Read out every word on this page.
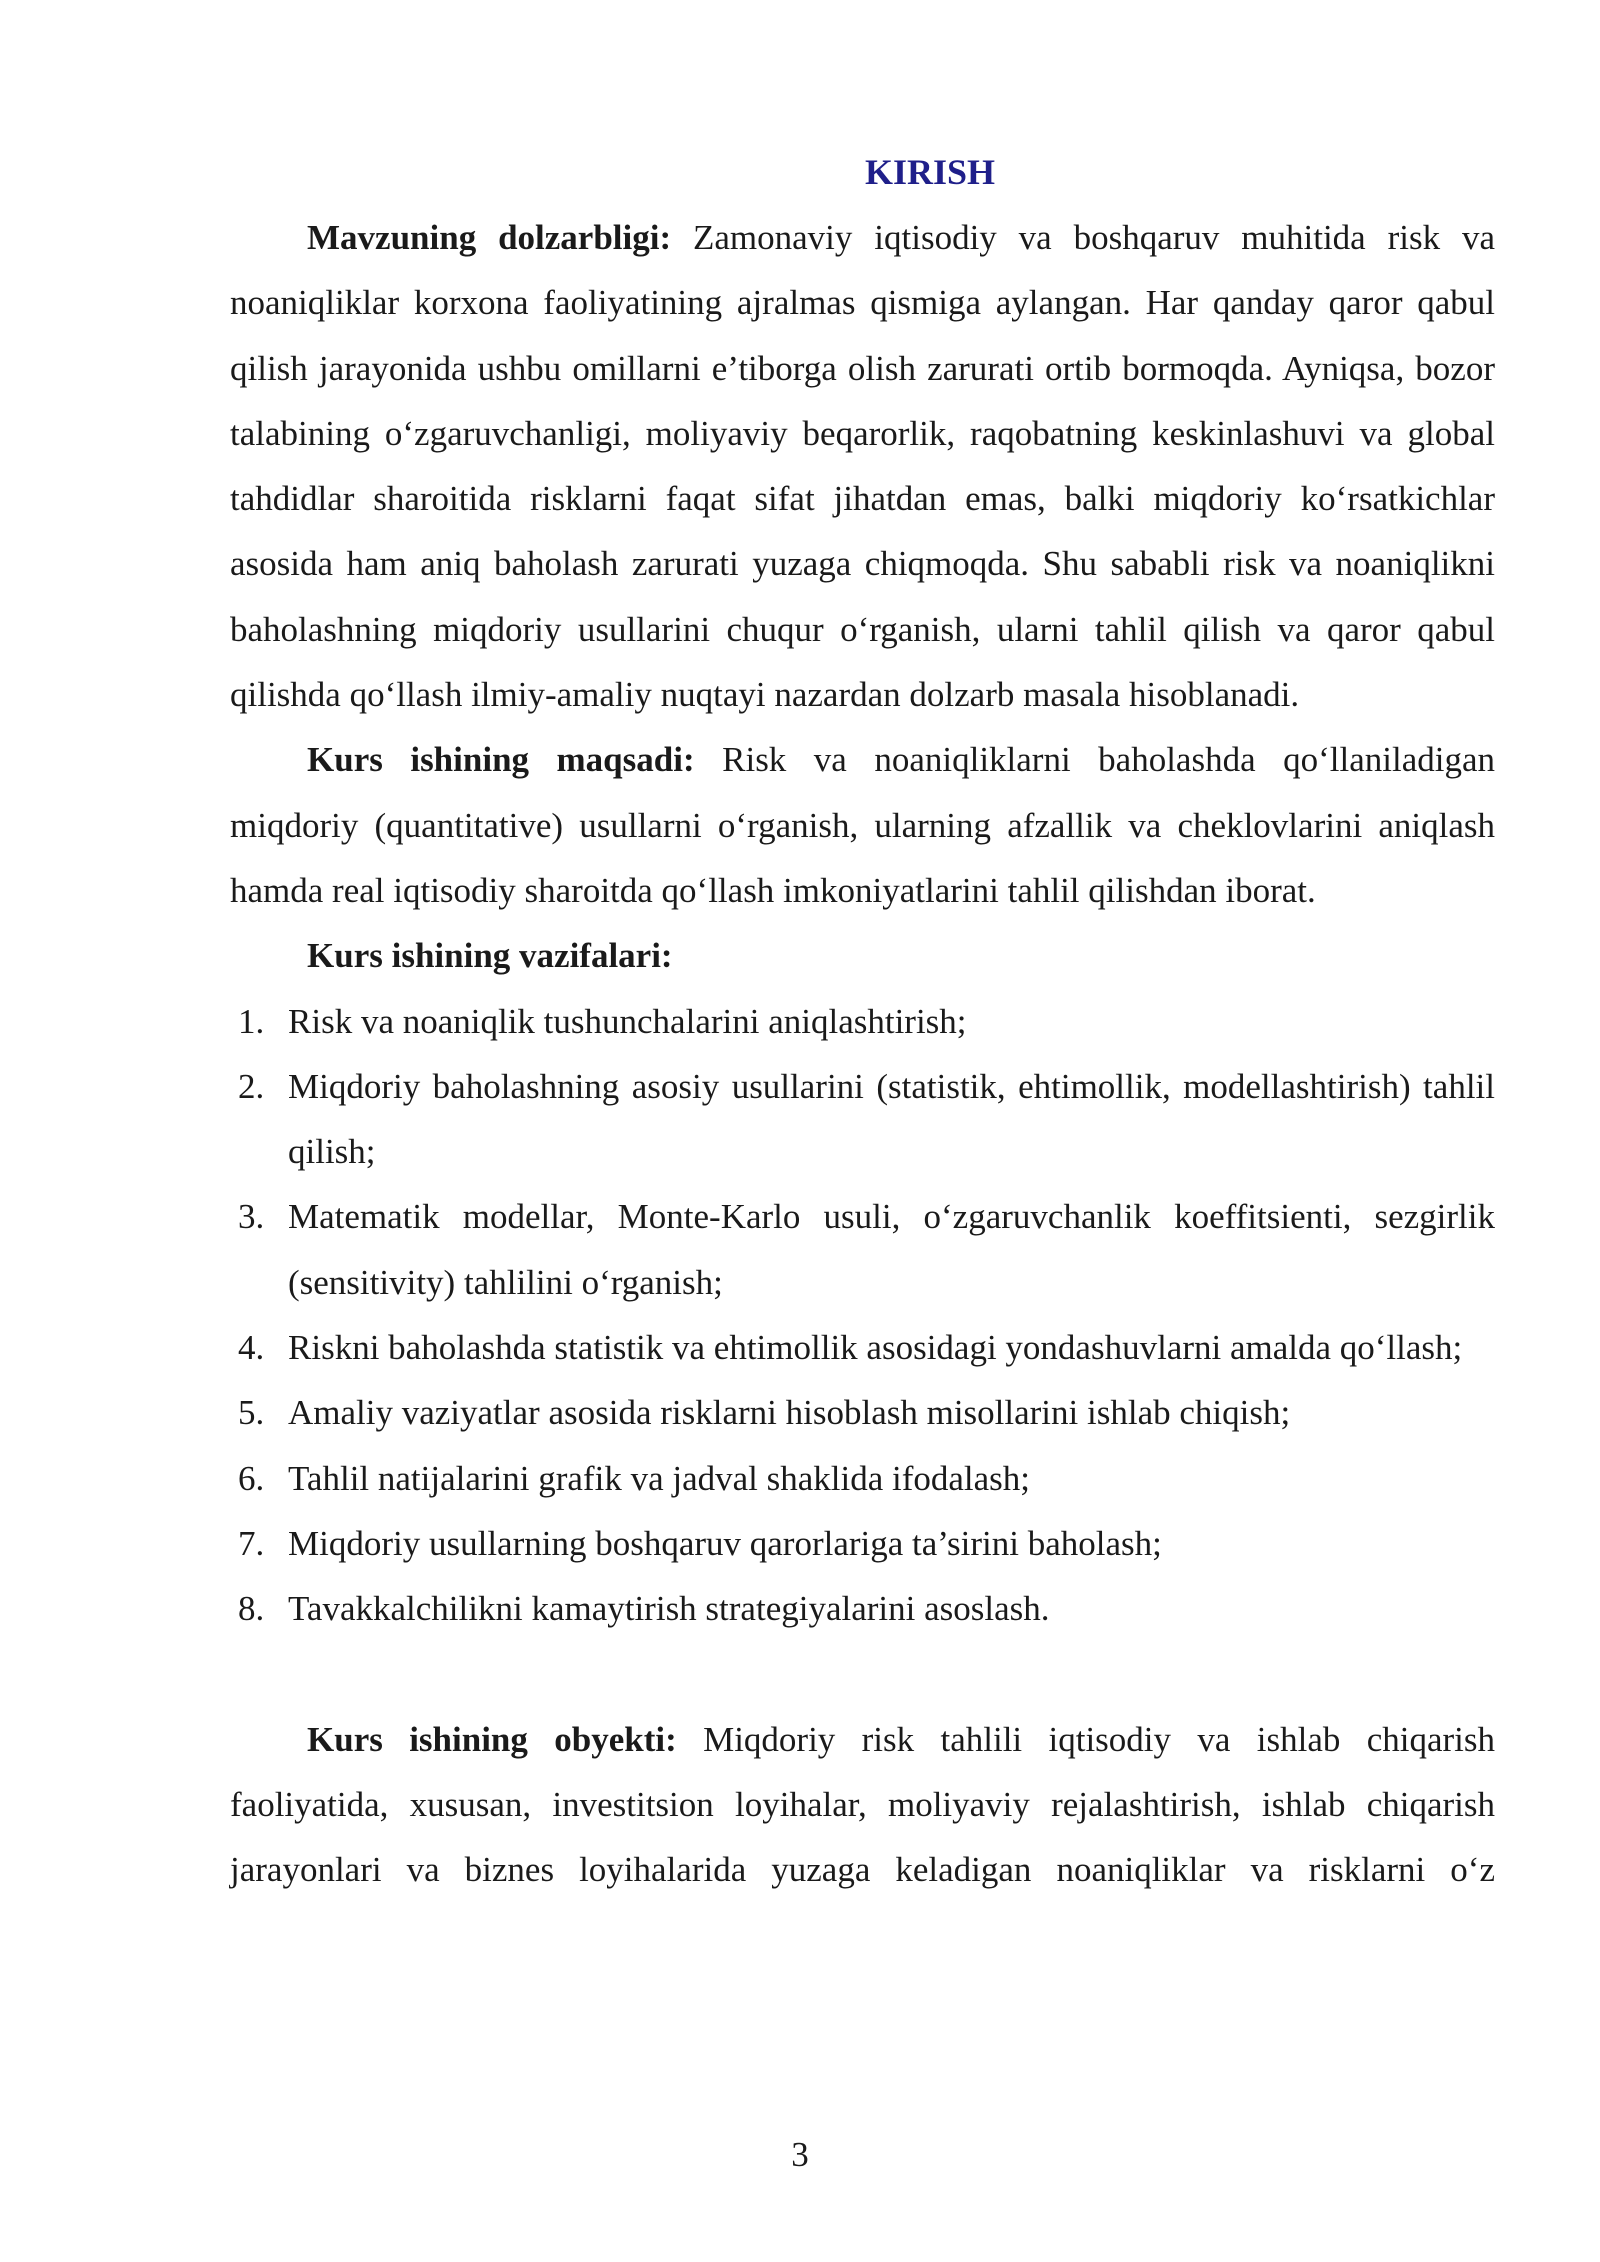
KIRISH

Mavzuning dolzarbligi: Zamonaviy iqtisodiy va boshqaruv muhitida risk va noaniqliklar korxona faoliyatining ajralmas qismiga aylangan. Har qanday qaror qabul qilish jarayonida ushbu omillarni e’tiborga olish zarurati ortib bormoqda. Ayniqsa, bozor talabining o‘zgaruvchanligi, moliyaviy beqarorlik, raqobatning keskinlashuvi va global tahdidlar sharoitida risklarni faqat sifat jihatdan emas, balki miqdoriy ko‘rsatkichlar asosida ham aniq baholash zarurati yuzaga chiqmoqda. Shu sababli risk va noaniqlikni baholashning miqdoriy usullarini chuqur o‘rganish, ularni tahlil qilish va qaror qabul qilishda qo‘llash ilmiy-amaliy nuqtayi nazardan dolzarb masala hisoblanadi.

Kurs ishining maqsadi: Risk va noaniqliklarni baholashda qo‘llaniladigan miqdoriy (quantitative) usullarni o‘rganish, ularning afzallik va cheklovlarini aniqlash hamda real iqtisodiy sharoitda qo‘llash imkoniyatlarini tahlil qilishdan iborat.

Kurs ishining vazifalari:
1. Risk va noaniqlik tushunchalarini aniqlashtirish;
2. Miqdoriy baholashning asosiy usullarini (statistik, ehtimollik, modellashtirish) tahlil qilish;
3. Matematik modellar, Monte-Karlo usuli, o‘zgaruvchanlik koeffitsienti, sezgirlik (sensitivity) tahlilini o‘rganish;
4. Riskni baholashda statistik va ehtimollik asosidagi yondashuvlarni amalda qo‘llash;
5. Amaliy vaziyatlar asosida risklarni hisoblash misollarini ishlab chiqish;
6. Tahlil natijalarini grafik va jadval shaklida ifodalash;
7. Miqdoriy usullarning boshqaruv qarorlariga ta’sirini baholash;
8. Tavakkalchilikni kamaytirish strategiyalarini asoslash.

Kurs ishining obyekti: Miqdoriy risk tahlili iqtisodiy va ishlab chiqarish faoliyatida, xususan, investitsion loyihalar, moliyaviy rejalashtirish, ishlab chiqarish jarayonlari va biznes loyihalarida yuzaga keladigan noaniqliklar va risklarni o‘z

3
